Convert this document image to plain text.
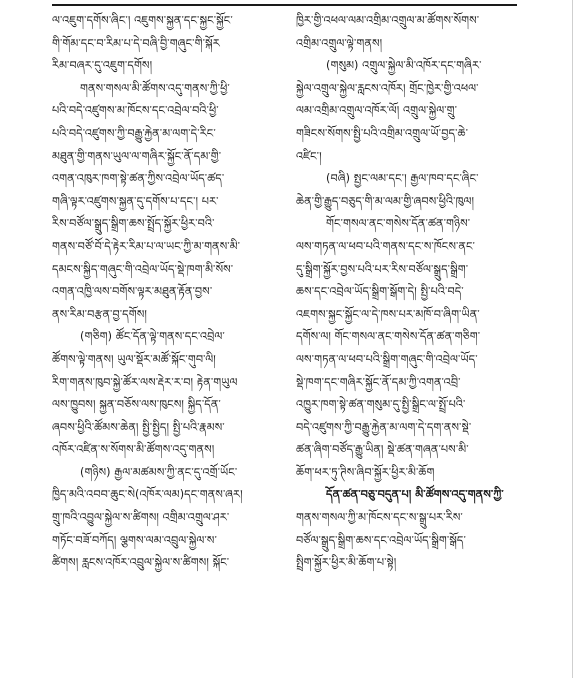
ལ་འཇུག་དགོས་ཞིང་། འཇུགས་སྐྱན་དང་སྐྱང་སྐྱོང་
གི་གོམ་དང་བ་རིམ་པ་དེ་བཞི་བྱི་གཞུང་གི་སྐོར
རིམ་བཞར་དུ་འཇུག་དགོས།
གནས་གསལ་མི་ཚོགས་འདུ་གནས་ཀྱི་ཕྱི་
པའི་བདེ་འཛུགས་མ་ཁོངས་དང་འབྲེལ་བའི་ཕྱི་
པའི་བདེ་འཛུགས་ཀྱི་བརྒྱུ་རྐྱེན་མ་ལག་དེ་རིང་
མཐུན་གྱི་གནས་ཡུལ་ལ་གཞིར་སྐྱོང་ནོ་དམ་གྱི་
འགན་འཁུར་ཁག་སྟེ་ཚན་ཀྱིས་འབྲེལ་ཡོད་ཚད་
གཞི་ལྟར་འཛུགས་སྐྱན་དུ་དགོས་པ་དང་། པར་
རིས་བཙོལ་སྒྲུད་སྒྲིག་ཆས་སྤྲོད་སྐྱོར་ཕྱིར་བའི་
གནས་བཙོ་བོ་དེ་རྟེར་རིམ་པ་ལ་ཡང་ཀྱི་མ་གནས་མི་
དམངས་སྐྱིད་གཞུང་གི་འབྲེལ་ཡོད་སྡེ་ཁག་མི་སོས་
འགན་འཁྱི་ལས་བགོས་ལྟར་མཐུན་རྟོན་བྱས་
ནས་རིམ་བརྩན་བྱ་དགོས།
(གཅིག) ཚོང་དོན་ལྟེ་གནས་དང་འབྲེལ་
ཚོགས་ལྟེ་གནས། ཡུལ་སྡོར་མཚོ་སྐོང་གུབ་ལི།
རིག་གནས་ཁུབ་སྐྱེ་ཚོར་ལས་རྡེར་ར་བ། རྟེན་གཡུལ
ལས་ཁྱུབས། སྐྱན་བཅོས་ལས་ཁུངས། སྐྱིད་དོན་
ཞབས་ཕྱིའི་ཚོམས་ཆེན། སྤྱི་སྤྱིད། སྤྱི་པའི་རྣམས་
འཁོར་འཛིན་ས་སོགས་མི་ཚོགས་འདུ་གནས།
(གཉིས) རྒྱལ་མཚམས་ཀྱི་ནང་དུ་འགྲོ་ཡོང་
ཁྱིད་མའི་འབབ་ཆུང་སེ(འཁོར་ལམ)དང་གནས་ཞར།
གྲུ་ཁའི་འབྱུལ་སྐྱེལ་ས་ཚིགས། འགྲིམ་འགྲུལ་ཤར་
གཏོང་བཟོ་བཀོད། ལྕགས་ལམ་འབྲུལ་སྐྱེལ་ས་
ཚིགས། རླངས་འཁོར་འབྲུལ་སྐྱེལ་ས་ཚིགས། སྐོང་
ཁྱིར་གྱི་འཕལ་ལམ་འགྲིམ་འགྲུལ་མ་ཚོགས་སོགས་
འགྲིམ་འགྲུལ་ལྟེ་གནས།
(གསུམ) འགྲུལ་སྐྱེལ་མི་འཁོར་དང་གཞིར་
སྐྱེལ་འགྲུལ་སྐྱེལ་རླངས་འཁོར། གྲོང་ཁྱེར་གྱི་འཕལ་
ལམ་འགྲིམ་འགྲུལ་འཁོར་ལོ། འགྲུལ་སྐྱེལ་གྲུ་
གཟིངས་སོགས་སྤྱི་པའི་འགྲིམ་འགྲུལ་ཡོ་བྱད་ཆེ་
འཛིང་།
(བཞི) སྤྱང་ལམ་དང་། རྒྱལ་ཁབ་དང་ཞིང་
ཆེན་གྱི་རྒྱུད་བཅུད་གི་མ་ལམ་གྱི་ཞབས་ཕྱིའི་ཁུལ།
གོང་གསལ་ནང་གསེས་དོན་ཚན་གཉིས་
ལས་གཏན་ལ་ཕབ་པའི་གནས་དང་ས་ཁོངས་ནང་
དུ་སྒྲིག་སྐྱོར་བྱས་པའི་པར་རིས་བཙོལ་སྒྲུད་སྒྲིག་
ཆས་དང་འབྲེལ་ཡོད་སྒྲིག་སྒོག་དེ། སྤྱི་པའི་བདེ་
འཇགས་སྐྱང་སྐྱོང་ལ་དེ་ཁས་པར་མཁོ་བ་ཞིག་ཡིན་
དགོས་ལ། གོང་གསལ་ནང་གསེས་དོན་ཚན་གཅིག་
ལས་གཏན་ལ་ཕབ་པའི་སྒྲིག་གཞུང་གི་འབྲེལ་ཡོད་
སྡེ་ཁག་དང་གཞིར་སྐྱོང་ནོ་དམ་ཀྱི་འགན་འབྲི་
འཁྱུར་ཁག་སྟེ་ཚན་གསུམ་དུ་སྤྱི་སྒྲིང་ལ་སྤྲོ་པའི་
བདེ་འཛུགས་ཀྱི་བརྒྱུ་རྐྱེན་མ་ལག་དེ་དག་ནས་སྡེ་
ཚན་ཞིག་བཙོད་རྒྱུ་ཡིན། སྡེ་ཚན་གཞན་པས་མི་
ཆོག་ཕར་ཏུ་ཊིས་ཞིབ་སྐྱོར་ཕྱིར་མི་ཆོག
དོན་ཚན་བཅུ་བདུན་པ། མི་ཚོགས་འདུ་གནས་ཀྱི་
གནས་གསལ་ཀྱི་མ་ཁོངས་དང་ས་སྒྲུ་པར་རིས་
བཙོལ་སྒྲུད་སྒྲིག་ཆས་དང་འབྲེལ་ཡོད་སྒྲིག་སྒོད་
སྤྲིག་སྐྱོར་ཕྱིར་མི་ཆོག་པ་སྟེ།
